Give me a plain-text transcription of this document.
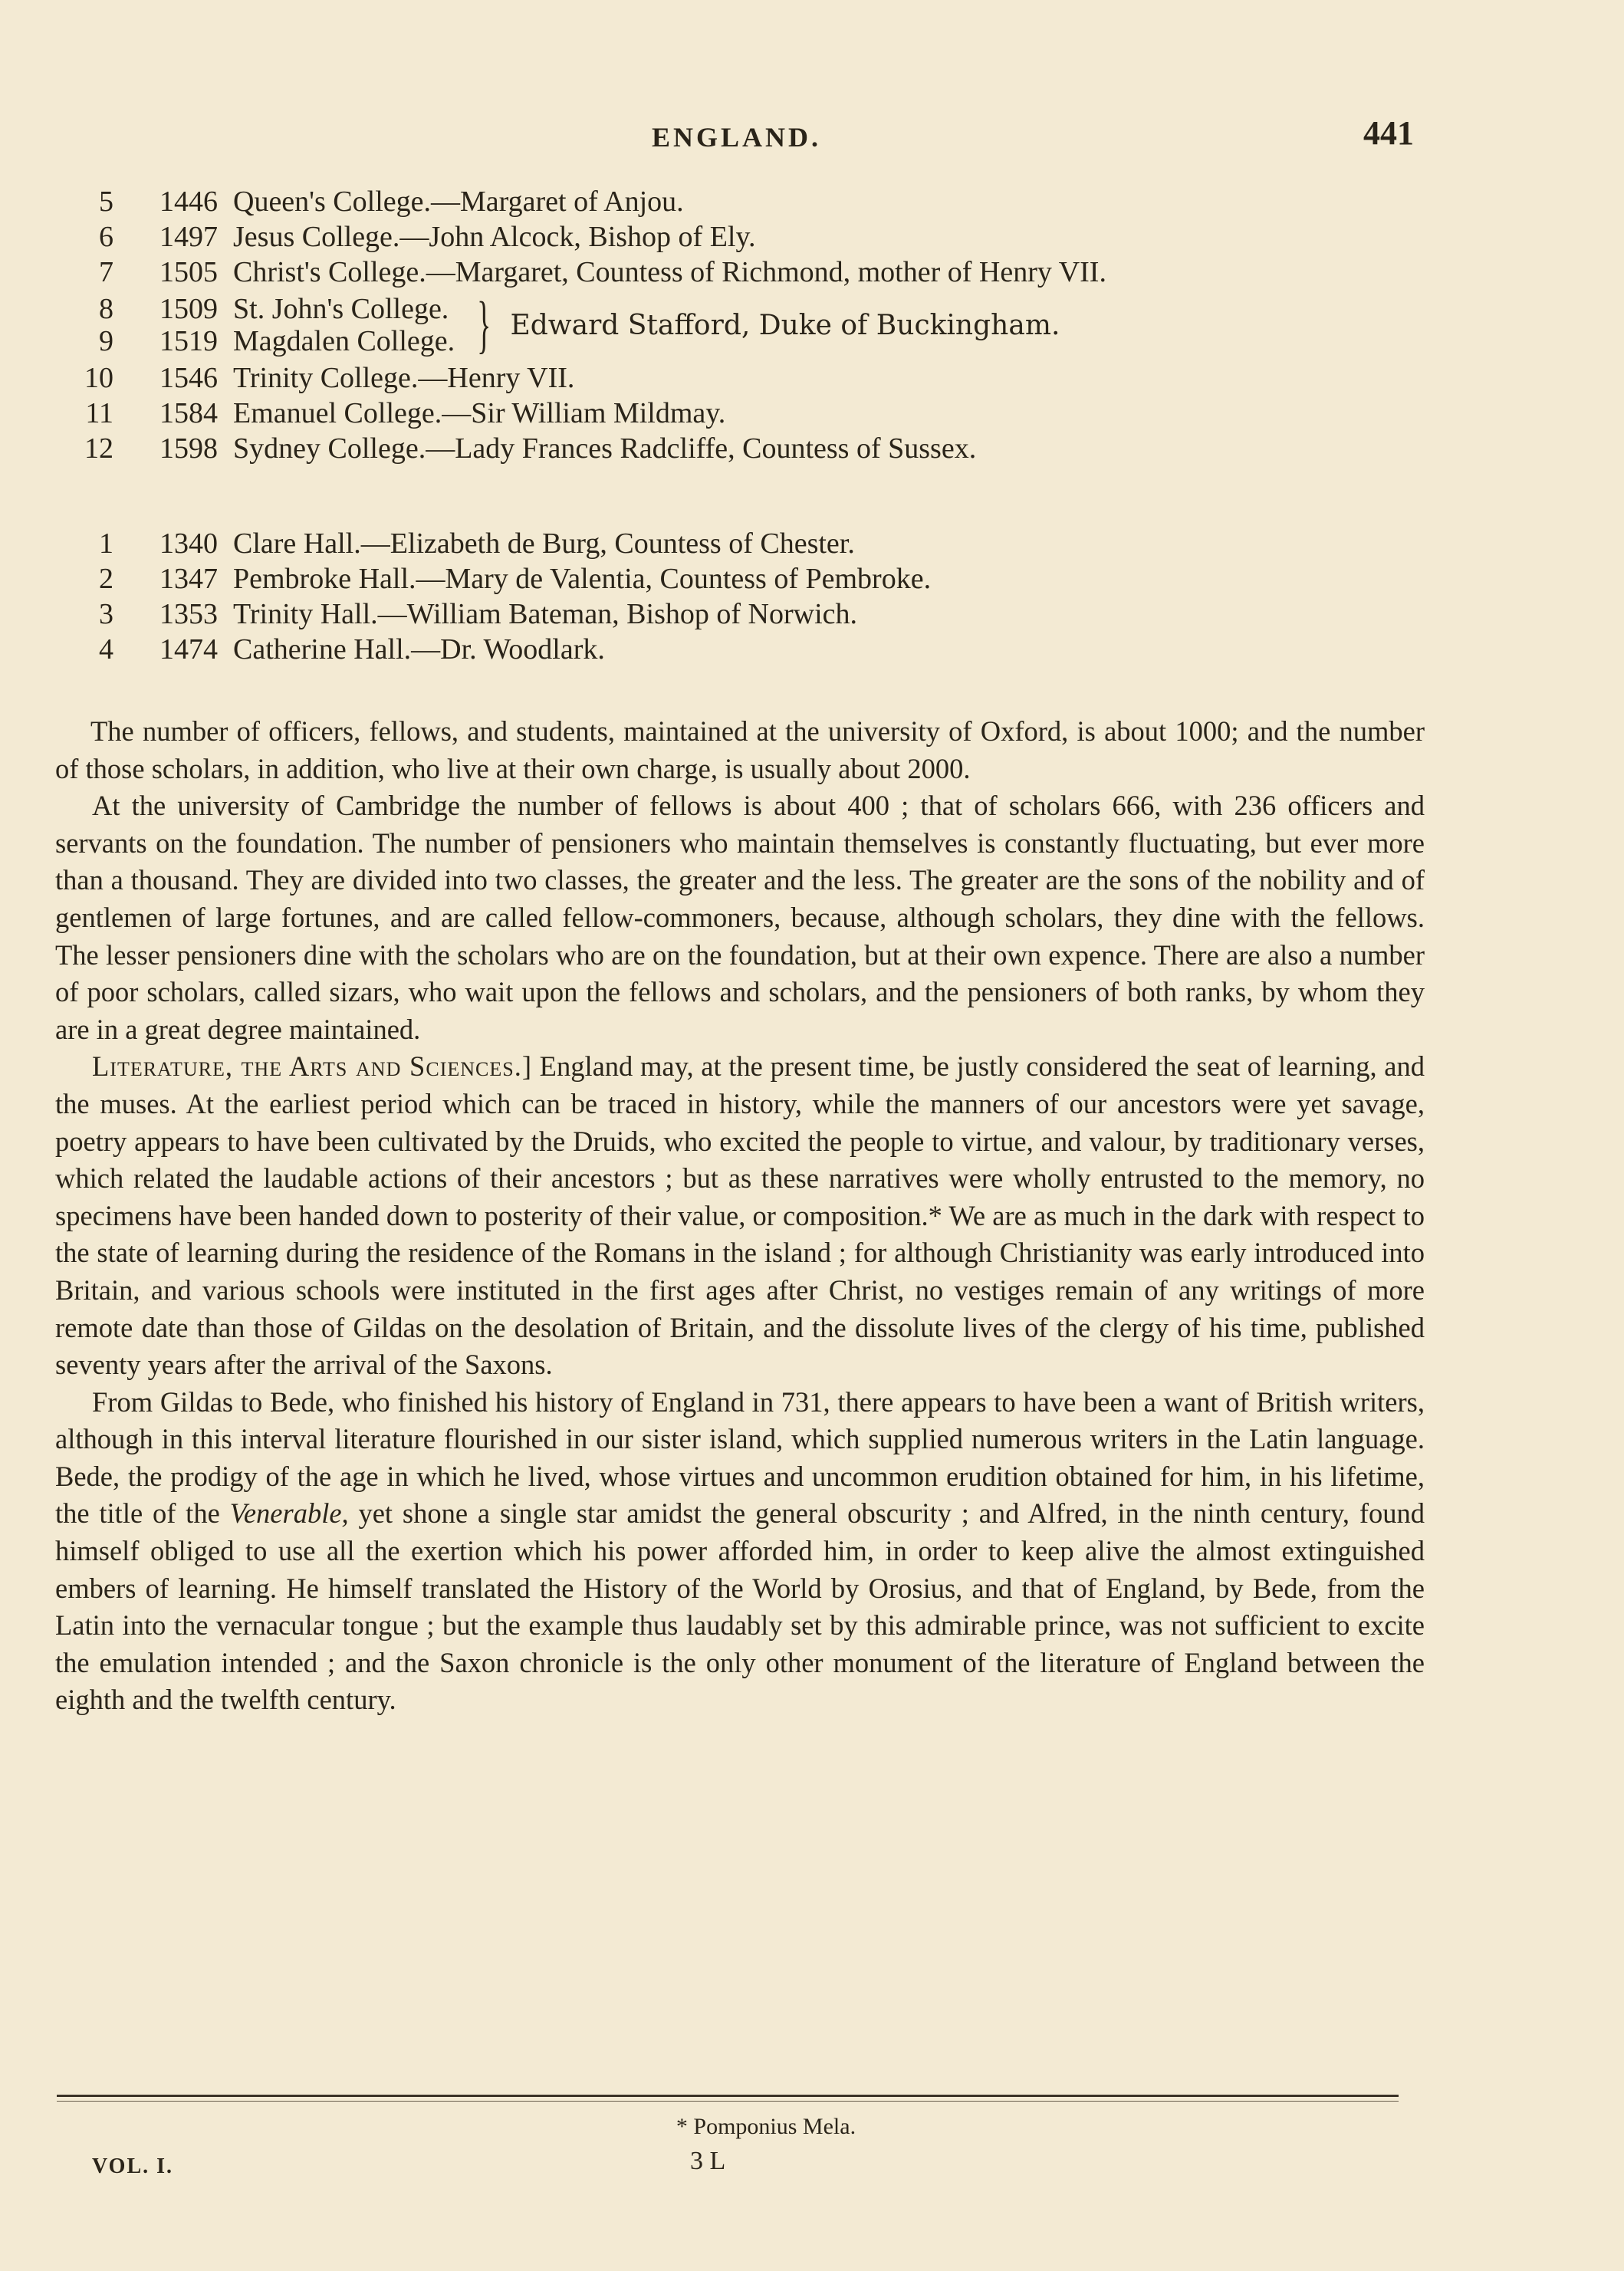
ENGLAND.	441
5	1446 Queen's College.—Margaret of Anjou.
6	1497 Jesus College.—John Alcock, Bishop of Ely.
7	1505 Christ's College.—Margaret, Countess of Richmond, mother of Henry VII.
8	1509 St. John's College.
9	1519 Magdalen College. } Edward Stafford, Duke of Buckingham.
10	1546 Trinity College.—Henry VII.
11	1584 Emanuel College.—Sir William Mildmay.
12	1598 Sydney College.—Lady Frances Radcliffe, Countess of Sussex.
1	1340 Clare Hall.—Elizabeth de Burg, Countess of Chester.
2	1347 Pembroke Hall.—Mary de Valentia, Countess of Pembroke.
3	1353 Trinity Hall.—William Bateman, Bishop of Norwich.
4	1474 Catherine Hall.—Dr. Woodlark.

The number of officers, fellows, and students, maintained at the university of Oxford, is about 1000; and the number of those scholars, in addition, who live at their own charge, is usually about 2000.

At the university of Cambridge the number of fellows is about 400 ; that of scholars 666, with 236 officers and servants on the foundation. The number of pensioners who maintain themselves is constantly fluctuating, but ever more than a thousand. They are divided into two classes, the greater and the less. The greater are the sons of the nobility and of gentlemen of large fortunes, and are called fellow-commoners, because, although scholars, they dine with the fellows. The lesser pensioners dine with the scholars who are on the foundation, but at their own expence. There are also a number of poor scholars, called sizars, who wait upon the fellows and scholars, and the pensioners of both ranks, by whom they are in a great degree maintained.

Literature, the Arts and Sciences.] England may, at the present time, be justly considered the seat of learning, and the muses. At the earliest period which can be traced in history, while the manners of our ancestors were yet savage, poetry appears to have been cultivated by the Druids, who excited the people to virtue, and valour, by traditionary verses, which related the laudable actions of their ancestors ; but as these narratives were wholly entrusted to the memory, no specimens have been handed down to posterity of their value, or composition.* We are as much in the dark with respect to the state of learning during the residence of the Romans in the island ; for although Christianity was early introduced into Britain, and various schools were instituted in the first ages after Christ, no vestiges remain of any writings of more remote date than those of Gildas on the desolation of Britain, and the dissolute lives of the clergy of his time, published seventy years after the arrival of the Saxons.

From Gildas to Bede, who finished his history of England in 731, there appears to have been a want of British writers, although in this interval literature flourished in our sister island, which supplied numerous writers in the Latin language. Bede, the prodigy of the age in which he lived, whose virtues and uncommon erudition obtained for him, in his lifetime, the title of the Venerable, yet shone a single star amidst the general obscurity ; and Alfred, in the ninth century, found himself obliged to use all the exertion which his power afforded him, in order to keep alive the almost extinguished embers of learning. He himself translated the History of the World by Orosius, and that of England, by Bede, from the Latin into the vernacular tongue ; but the example thus laudably set by this admirable prince, was not sufficient to excite the emulation intended ; and the Saxon chronicle is the only other monument of the literature of England between the eighth and the twelfth century.

* Pomponius Mela.
VOL. I.	3 L
